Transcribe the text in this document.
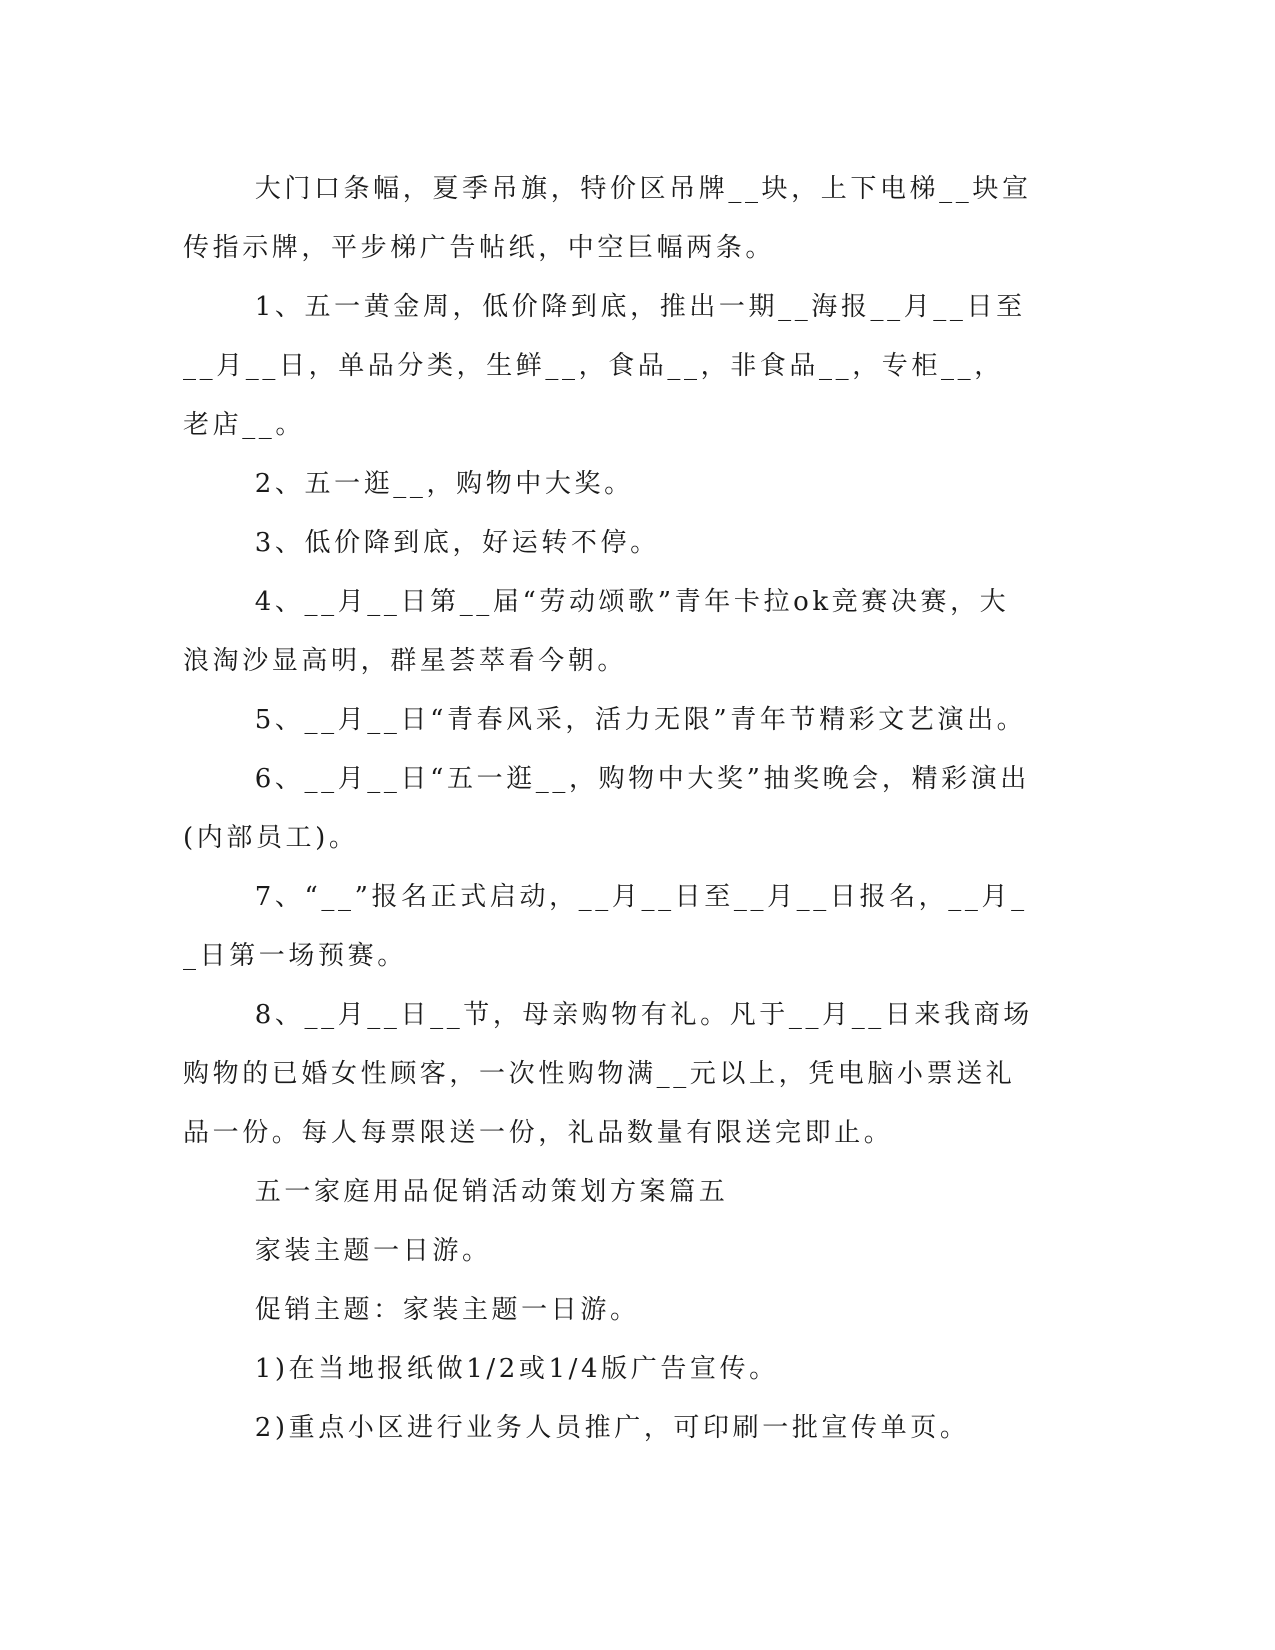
大门口条幅，夏季吊旗，特价区吊牌__块，上下电梯__块宣传指示牌，平步梯广告帖纸，中空巨幅两条。

1、五一黄金周，低价降到底，推出一期__海报__月__日至__月__日，单品分类，生鲜__，食品__，非食品__，专柜__，老店__。

2、五一逛__，购物中大奖。

3、低价降到底，好运转不停。

4、__月__日第__届“劳动颂歌”青年卡拉ok竞赛决赛，大浪淘沙显高明，群星荟萃看今朝。

5、__月__日“青春风采，活力无限”青年节精彩文艺演出。

6、__月__日“五一逛__，购物中大奖”抽奖晚会，精彩演出(内部员工)。

7、“__”报名正式启动，__月__日至__月__日报名，__月__日第一场预赛。

8、__月__日__节，母亲购物有礼。凡于__月__日来我商场购物的已婚女性顾客，一次性购物满__元以上，凭电脑小票送礼品一份。每人每票限送一份，礼品数量有限送完即止。

五一家庭用品促销活动策划方案篇五

家装主题一日游。

促销主题：家装主题一日游。

1)在当地报纸做1/2或1/4版广告宣传。

2)重点小区进行业务人员推广，可印刷一批宣传单页。
